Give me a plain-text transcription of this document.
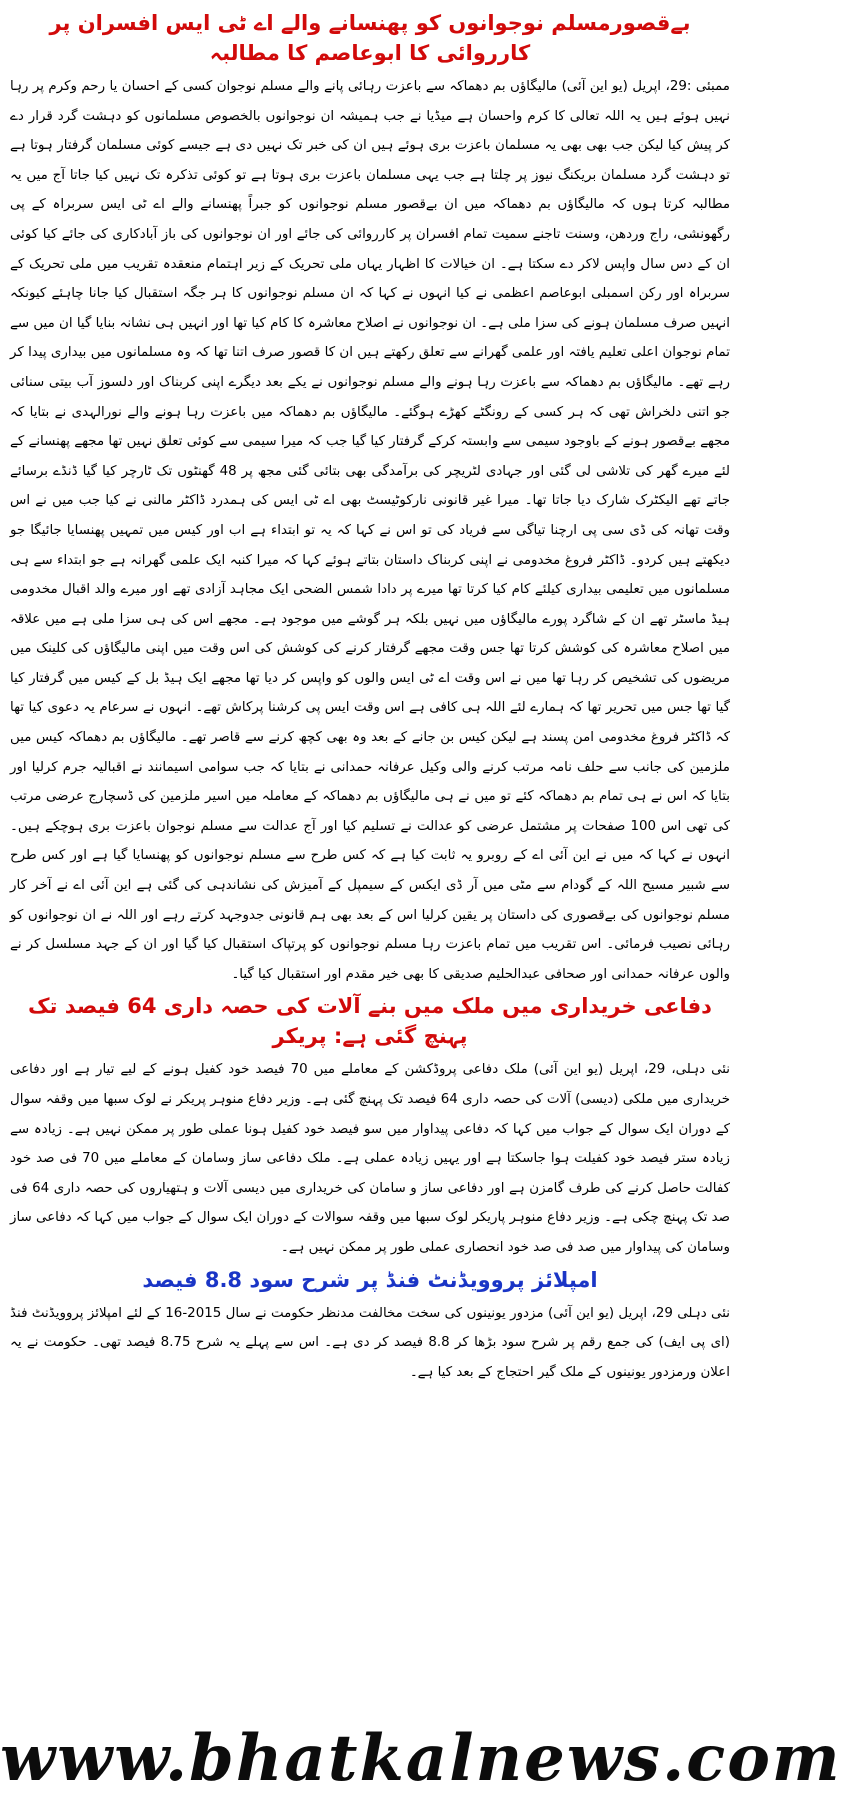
بےقصورمسلم نوجوانوں کو پھنسانے والے اے ٹی ایس افسران پر کارروائی کا ابوعاصم کا مطالبہ

ممبئی :29، اپریل (یو این آئی) مالیگاؤں بم دھماکہ سے باعزت رہائی پانے والے مسلم نوجوان کسی کے احسان یا رحم وکرم پر رہا نہیں ہوئے ہیں یہ اللہ تعالی کا کرم واحسان ہے میڈیا نے جب ہمیشہ ان نوجوانوں بالخصوص مسلمانوں کو دہشت گرد قرار دے کر پیش کیا لیکن جب بھی بھی یہ مسلمان باعزت بری ہوئے ہیں ان کی خبر تک نہیں دی ہے جیسے کوئی مسلمان گرفتار ہوتا ہے تو دہشت گرد مسلمان بریکنگ نیوز پر چلتا ہے جب یہی مسلمان باعزت بری ہوتا ہے تو کوئی تذکرہ تک نہیں کیا جاتا آج میں یہ مطالبہ کرتا ہوں کہ مالیگاؤں بم دھماکہ میں ان بےقصور مسلم نوجوانوں کو جبراً پھنسانے والے اے ٹی ایس سربراہ کے پی رگھونشی، راج وردھن، وسنت تاجنے سمیت تمام افسران پر کارروائی کی جائے اور ان نوجوانوں کی باز آبادکاری کی جائے کیا کوئی ان کے دس سال واپس لاکر دے سکتا ہے۔ ان خیالات کا اظہار یہاں ملی تحریک کے زیر اہتمام منعقدہ تقریب میں ملی تحریک کے سربراہ اور رکن اسمبلی ابوعاصم اعظمی نے کیا انہوں نے کہا کہ ان مسلم نوجوانوں کا ہر جگہ استقبال کیا جانا چاہئے کیونکہ انہیں صرف مسلمان ہونے کی سزا ملی ہے۔ ان نوجوانوں نے اصلاح معاشرہ کا کام کیا تھا اور انہیں ہی نشانہ بنایا گیا ان میں سے تمام نوجوان اعلی تعلیم یافتہ اور علمی گھرانے سے تعلق رکھتے ہیں ان کا قصور صرف اتنا تھا کہ وہ مسلمانوں میں بیداری پیدا کر رہے تھے۔ مالیگاؤں بم دھماکہ سے باعزت رہا ہونے والے مسلم نوجوانوں نے یکے بعد دیگرے اپنی کربناک اور دلسوز آب بیتی سنائی جو اتنی دلخراش تھی کہ ہر کسی کے رونگٹے کھڑے ہوگئے۔ مالیگاؤں بم دھماکہ میں باعزت رہا ہونے والے نورالہدی نے بتایا کہ مجھے بےقصور ہونے کے باوجود سیمی سے وابستہ کرکے گرفتار کیا گیا جب کہ میرا سیمی سے کوئی تعلق نہیں تھا مجھے پھنسانے کے لئے میرے گھر کی تلاشی لی گئی اور جہادی لٹریچر کی برآمدگی بھی بتائی گئی مجھ پر 48 گھنٹوں تک ٹارچر کیا گیا ڈنڈے برسائے جاتے تھے الیکٹرک شارک دیا جاتا تھا۔ میرا غیر قانونی نارکوٹیسٹ بھی اے ٹی ایس کی ہمدرد ڈاکٹر مالنی نے کیا جب میں نے اس وقت تھانہ کی ڈی سی پی ارچنا تیاگی سے فریاد کی تو اس نے کہا کہ یہ تو ابتداء ہے اب اور کیس میں تمہیں پھنسایا جائیگا جو دیکھتے ہیں کردو۔ ڈاکٹر فروغ مخدومی نے اپنی کربناک داستان بتاتے ہوئے کہا کہ میرا کنبہ ایک علمی گھرانہ ہے جو ابتداء سے ہی مسلمانوں میں تعلیمی بیداری کیلئے کام کیا کرتا تھا میرے پر دادا شمس الضحی ایک مجاہد آزادی تھے اور میرے والد اقبال مخدومی ہیڈ ماسٹر تھے ان کے شاگرد پورے مالیگاؤں میں نہیں بلکہ ہر گوشے میں موجود ہے۔ مجھے اس کی ہی سزا ملی ہے میں علاقہ میں اصلاح معاشرہ کی کوشش کرتا تھا جس وقت مجھے گرفتار کرنے کی کوشش کی اس وقت میں اپنی مالیگاؤں کی کلینک میں مریضوں کی تشخیص کر رہا تھا میں نے اس وقت اے ٹی ایس والوں کو واپس کر دیا تھا مجھے ایک ہیڈ بل کے کیس میں گرفتار کیا گیا تھا جس میں تحریر تھا کہ ہمارے لئے اللہ ہی کافی ہے اس وقت ایس پی کرشنا پرکاش تھے۔ انہوں نے سرعام یہ دعوی کیا تھا کہ ڈاکٹر فروغ مخدومی امن پسند ہے لیکن کیس بن جانے کے بعد وہ بھی کچھ کرنے سے قاصر تھے۔ مالیگاؤں بم دھماکہ کیس میں ملزمین کی جانب سے حلف نامہ مرتب کرنے والی وکیل عرفانہ حمدانی نے بتایا کہ جب سوامی اسیمانند نے اقبالیہ جرم کرلیا اور بتایا کہ اس نے ہی تمام بم دھماکہ کئے تو میں نے ہی مالیگاؤں بم دھماکہ کے معاملہ میں اسیر ملزمین کی ڈسچارج عرضی مرتب کی تھی اس 100 صفحات پر مشتمل عرضی کو عدالت نے تسلیم کیا اور آج عدالت سے مسلم نوجوان باعزت بری ہوچکے ہیں۔ انہوں نے کہا کہ میں نے این آئی اے کے روبرو یہ ثابت کیا ہے کہ کس طرح سے مسلم نوجوانوں کو پھنسایا گیا ہے اور کس طرح سے شبیر مسیح اللہ کے گودام سے مٹی میں آر ڈی ایکس کے سیمپل کے آمیزش کی نشاندہی کی گئی ہے این آئی اے نے آخر کار مسلم نوجوانوں کی بےقصوری کی داستان پر یقین کرلیا اس کے بعد بھی ہم قانونی جدوجہد کرتے رہے اور اللہ نے ان نوجوانوں کو رہائی نصیب فرمائی۔ اس تقریب میں تمام باعزت رہا مسلم نوجوانوں کو پرتپاک استقبال کیا گیا اور ان کے جہد مسلسل کر نے والوں عرفانہ حمدانی اور صحافی عبدالحلیم صدیقی کا بھی خیر مقدم اور استقبال کیا گیا۔

دفاعی خریداری میں ملک میں بنے آلات کی حصہ داری 64 فیصد تک پہنچ گئی ہے: پریکر

نئی دہلی، 29، اپریل (یو این آئی) ملک دفاعی پروڈکشن کے معاملے میں 70 فیصد خود کفیل ہونے کے لیے تیار ہے اور دفاعی خریداری میں ملکی (دیسی) آلات کی حصہ داری 64 فیصد تک پہنچ گئی ہے۔ وزیر دفاع منوہر پریکر نے لوک سبھا میں وقفہ سوال کے دوران ایک سوال کے جواب میں کہا کہ دفاعی پیداوار میں سو فیصد خود کفیل ہونا عملی طور پر ممکن نہیں ہے۔ زیادہ سے زیادہ ستر فیصد خود کفیلت ہوا جاسکتا ہے اور یہیں زیادہ عملی ہے۔ ملک دفاعی ساز وسامان کے معاملے میں 70 فی صد خود کفالت حاصل کرنے کی طرف گامزن ہے اور دفاعی ساز و سامان کی خریداری میں دیسی آلات و ہتھیاروں کی حصہ داری 64 فی صد تک پہنچ چکی ہے۔ وزیر دفاع منوہر پاریکر لوک سبھا میں وقفہ سوالات کے دوران ایک سوال کے جواب میں کہا کہ دفاعی ساز وسامان کی پیداوار میں صد فی صد خود انحصاری عملی طور پر ممکن نہیں ہے۔

امپلائز پروویڈنٹ فنڈ پر شرح سود 8.8 فیصد

نئی دہلی 29، اپریل (یو این آئی) مزدور یونینوں کی سخت مخالفت مدنظر حکومت نے سال 2015-16 کے لئے امپلائز پروویڈنٹ فنڈ (ای پی ایف) کی جمع رقم پر شرح سود بڑھا کر 8.8 فیصد کر دی ہے۔ اس سے پہلے یہ شرح 8.75 فیصد تھی۔ حکومت نے یہ اعلان ورمزدور یونینوں کے ملک گیر احتجاج کے بعد کیا ہے۔

www.bhatkalnews.com
